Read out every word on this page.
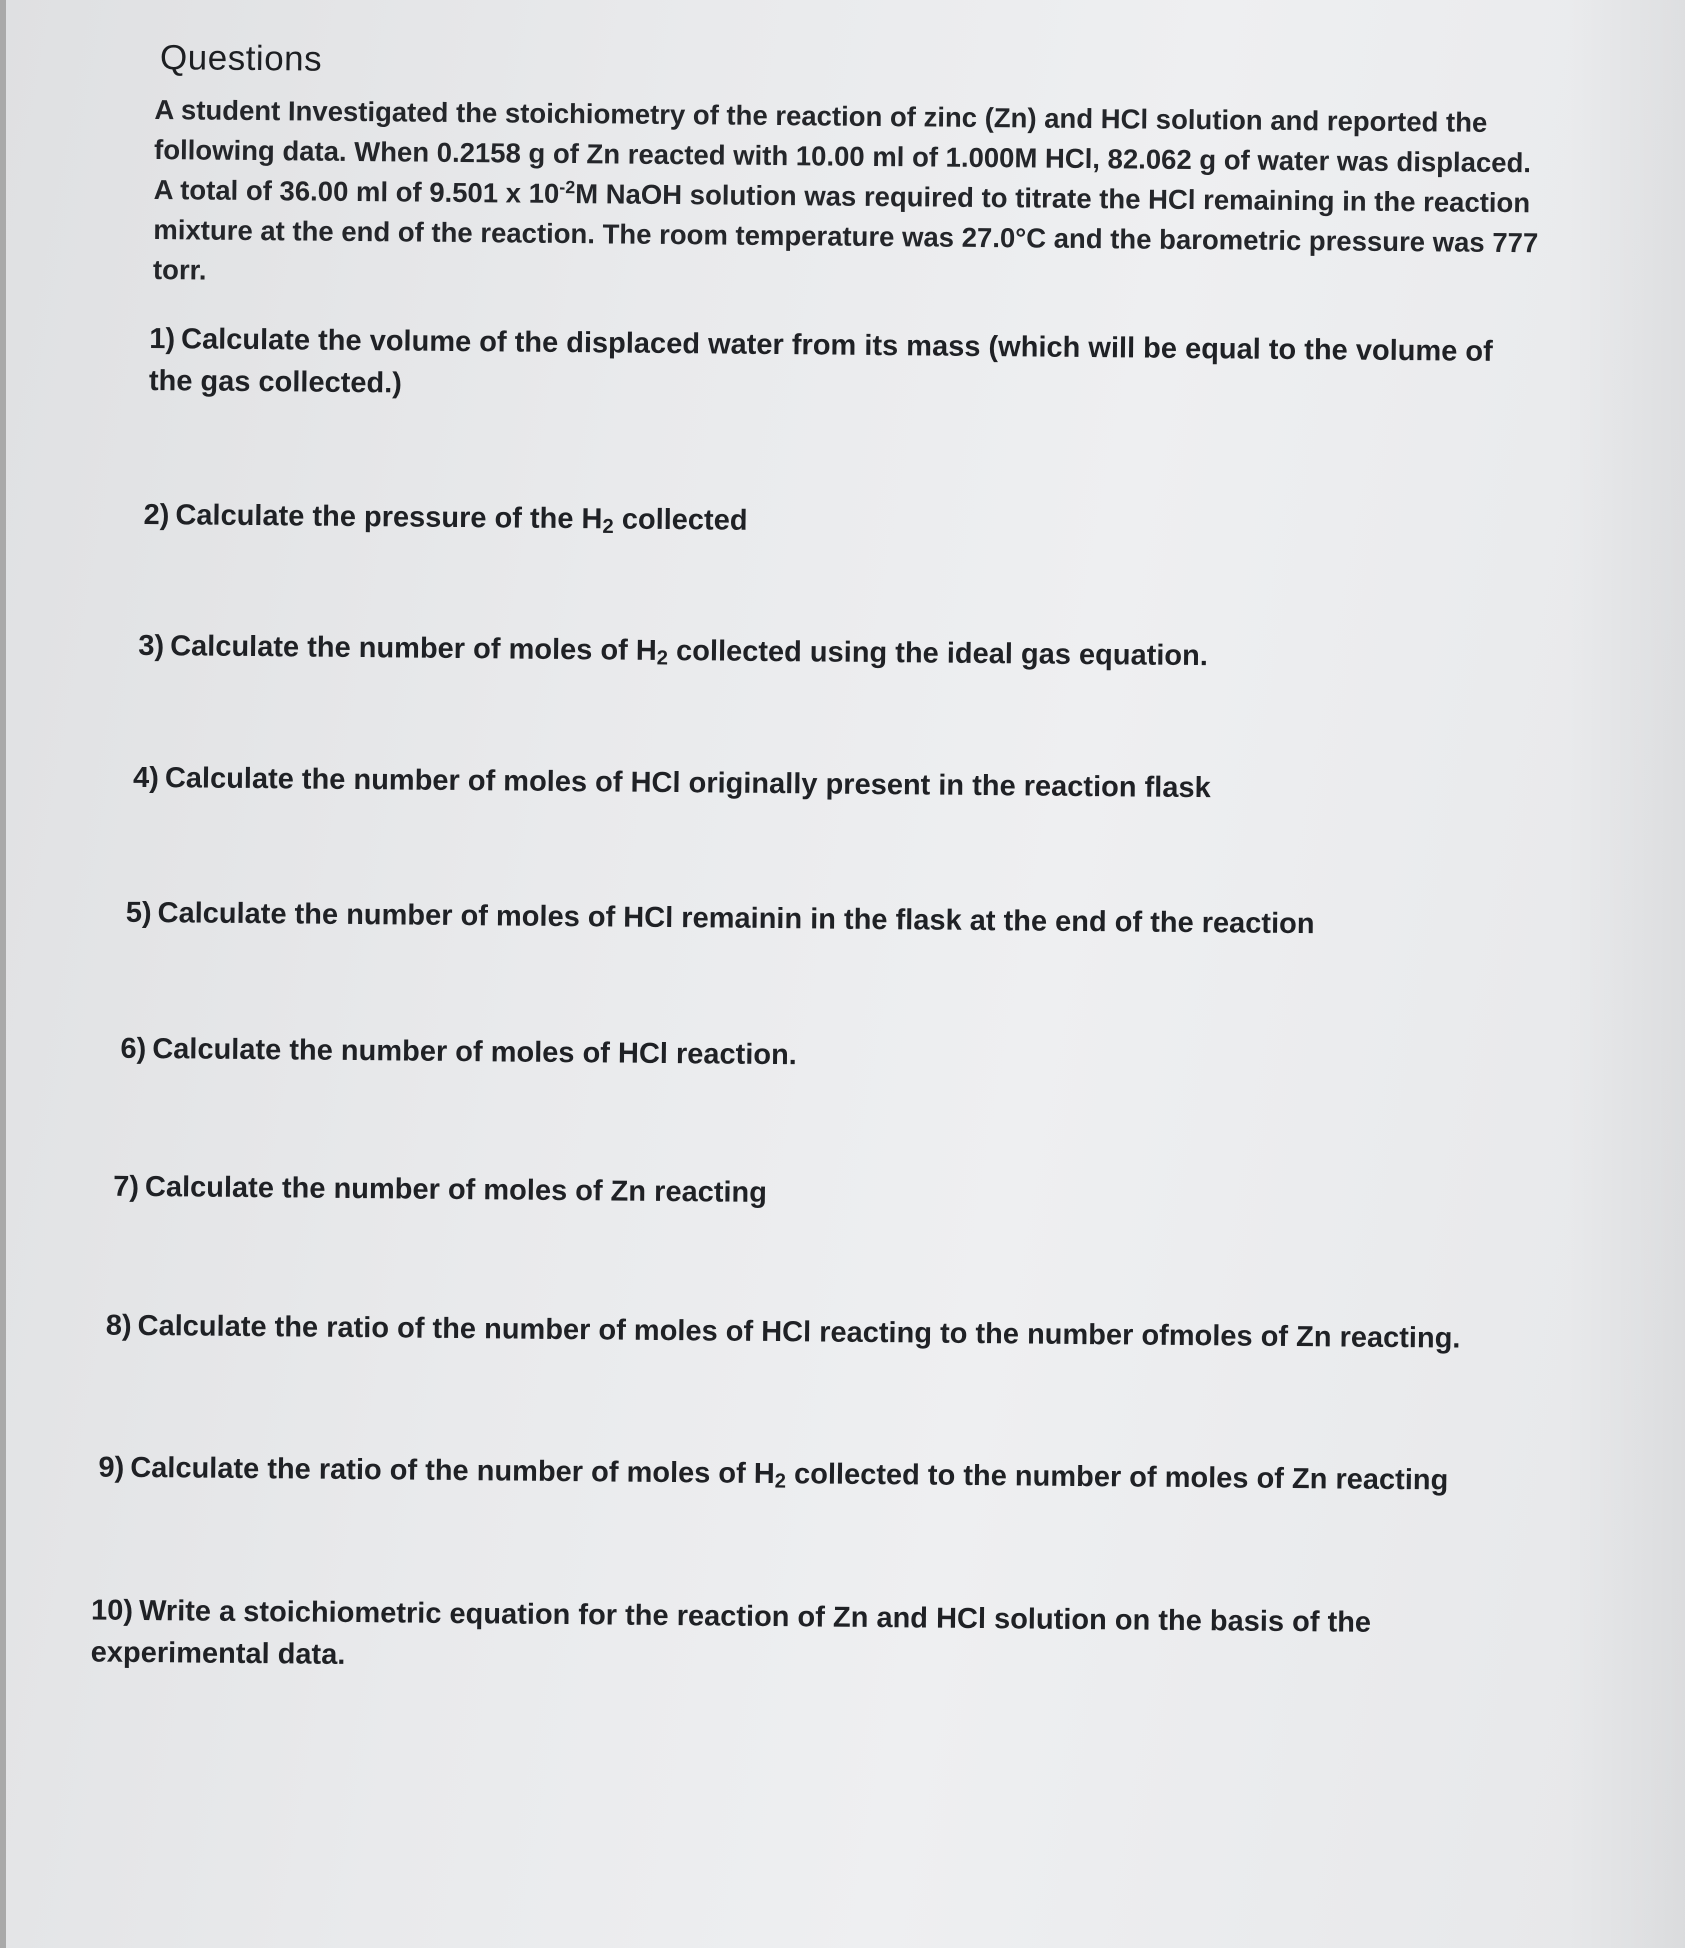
Questions
A student Investigated the stoichiometry of the reaction of zinc (Zn) and HCl solution and reported the following data. When 0.2158 g of Zn reacted with 10.00 ml of 1.000M HCl, 82.062 g of water was displaced. A total of 36.00 ml of 9.501 x $10^{-2}M$ NaOH solution was required to titrate the HCl remaining in the reaction mixture at the end of the reaction. The room temperature was 27.0°C and the barometric pressure was 777 torr.
1) Calculate the volume of the displaced water from its mass (which will be equal to the volume of the gas collected.)
2) Calculate the pressure of the $H_2$ collected
3) Calculate the number of moles of $H_2$ collected using the ideal gas equation.
4) Calculate the number of moles of HCl originally present in the reaction flask
5) Calculate the number of moles of HCl remainin in the flask at the end of the reaction
6) Calculate the number of moles of HCl reaction.
7) Calculate the number of moles of Zn reacting
8) Calculate the ratio of the number of moles of HCl reacting to the number ofmoles of Zn reacting.
9) Calculate the ratio of the number of moles of $H_2$ collected to the number of moles of Zn reacting
10) Write a stoichiometric equation for the reaction of Zn and HCl solution on the basis of the experimental data.
